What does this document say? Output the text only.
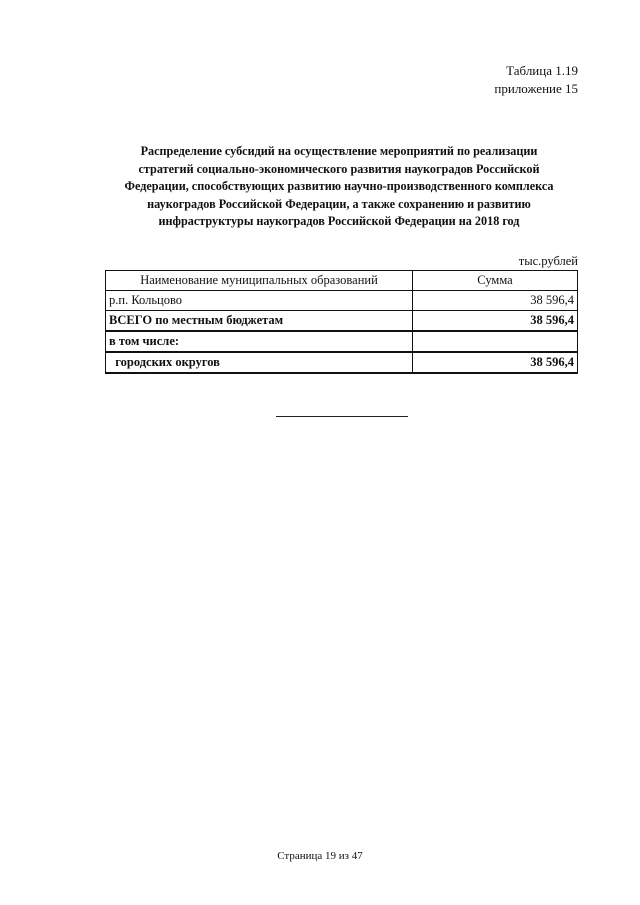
Таблица 1.19
приложение 15
Распределение субсидий на осуществление мероприятий по реализации
стратегий социально-экономического развития наукоградов Российской
Федерации, способствующих развитию научно-производственного комплекса
наукоградов Российской Федерации, а также сохранению и развитию
инфраструктуры наукоградов Российской Федерации на 2018 год
тыс.рублей
Наименование муниципальных образований	Сумма
р.п. Кольцово	38 596,4
ВСЕГО по местным бюджетам	38 596,4
в том числе:	
городских округов	38 596,4
Страница 19 из 47
